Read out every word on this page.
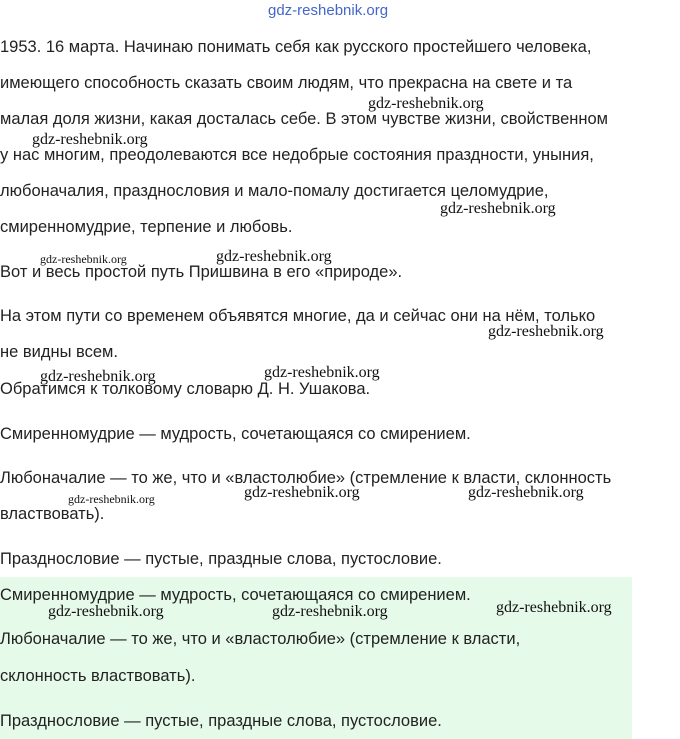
1953. 16 марта. Начинаю понимать себя как русского простейшего человека,

имеющего способность сказать своим людям, что прекрасна на свете и та

малая доля жизни, какая досталась себе. В этом чувстве жизни, свойственном

у нас многим, преодолеваются все недобрые состояния праздности, уныния,

любоначалия, празднословия и мало-помалу достигается целомудрие,

смиренномудрие, терпение и любовь.

Вот и весь простой путь Пришвина в его «природе».

На этом пути со временем объявятся многие, да и сейчас они на нём, только

не видны всем.

Обратимся к толковому словарю Д. Н. Ушакова.

Смиренномудрие — мудрость, сочетающаяся со смирением.

Любоначалие — то же, что и «властолюбие» (стремление к власти, склонность

властвовать).

Празднословие — пустые, праздные слова, пустословие.

Смиренномудрие — мудрость, сочетающаяся со смирением.

Любоначалие — то же, что и «властолюбие» (стремление к власти,

склонность властвовать).

Празднословие — пустые, праздные слова, пустословие.

gdz-reshebnik.org
gdz-reshebnik.org
gdz-reshebnik.org
gdz-reshebnik.org
gdz-reshebnik.org	gdz-reshebnik.org
gdz-reshebnik.org
gdz-reshebnik.org
gdz-reshebnik.org
gdz-reshebnik.org	gdz-reshebnik.org	gdz-reshebnik.org
gdz-reshebnik.org	gdz-reshebnik.org	gdz-reshebnik.org
